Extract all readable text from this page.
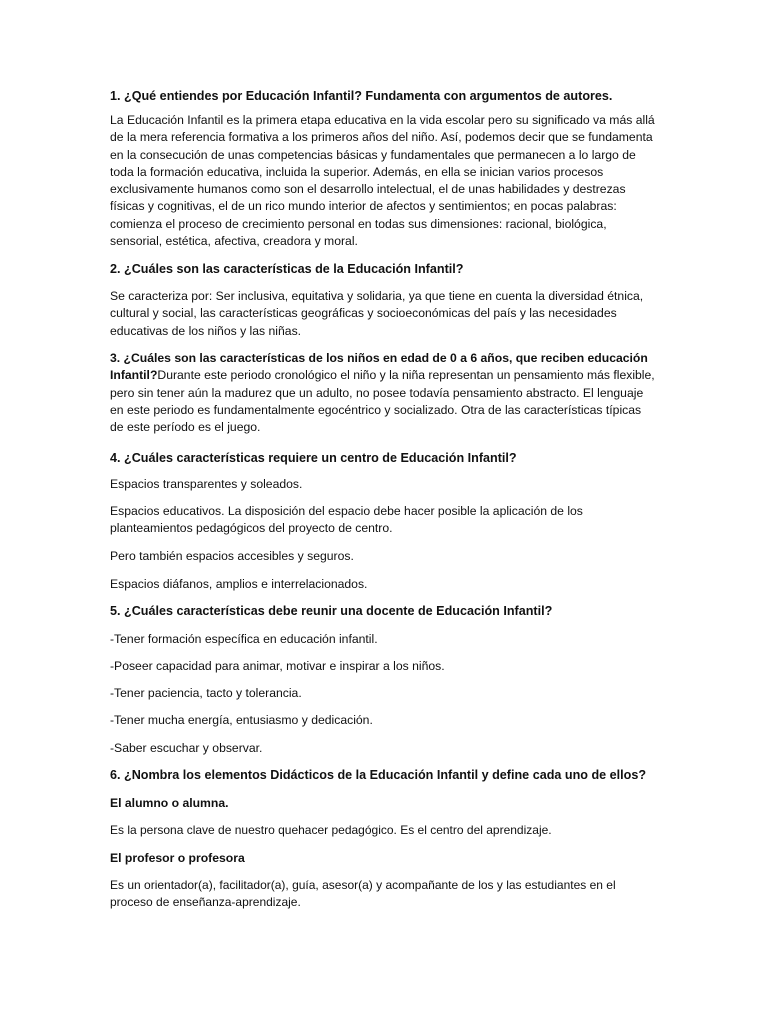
1. ¿Qué entiendes por Educación Infantil? Fundamenta con argumentos de autores.

La Educación Infantil es la primera etapa educativa en la vida escolar pero su significado va más allá de la mera referencia formativa a los primeros años del niño. Así, podemos decir que se fundamenta en la consecución de unas competencias básicas y fundamentales que permanecen a lo largo de toda la formación educativa, incluida la superior. Además, en ella se inician varios procesos exclusivamente humanos como son el desarrollo intelectual, el de unas habilidades y destrezas físicas y cognitivas, el de un rico mundo interior de afectos y sentimientos; en pocas palabras: comienza el proceso de crecimiento personal en todas sus dimensiones: racional, biológica, sensorial, estética, afectiva, creadora y moral.

2. ¿Cuáles son las características de la Educación Infantil?

Se caracteriza por: Ser inclusiva, equitativa y solidaria, ya que tiene en cuenta la diversidad étnica, cultural y social, las características geográficas y socioeconómicas del país y las necesidades educativas de los niños y las niñas.

3. ¿Cuáles son las características de los niños en edad de 0 a 6 años, que reciben educación Infantil?Durante este periodo cronológico el niño y la niña representan un pensamiento más flexible, pero sin tener aún la madurez que un adulto, no posee todavía pensamiento abstracto. El lenguaje en este periodo es fundamentalmente egocéntrico y socializado. Otra de las características típicas de este período es el juego.

4. ¿Cuáles características requiere un centro de Educación Infantil?

Espacios transparentes y soleados.

Espacios educativos. La disposición del espacio debe hacer posible la aplicación de los planteamientos pedagógicos del proyecto de centro.

Pero también espacios accesibles y seguros.

Espacios diáfanos, amplios e interrelacionados.

5. ¿Cuáles características debe reunir una docente de Educación Infantil?

-Tener formación específica en educación infantil.

-Poseer capacidad para animar, motivar e inspirar a los niños.

-Tener paciencia, tacto y tolerancia.

-Tener mucha energía, entusiasmo y dedicación.

-Saber escuchar y observar.

6. ¿Nombra los elementos Didácticos de la Educación Infantil y define cada uno de ellos?

El alumno o alumna.

Es la persona clave de nuestro quehacer pedagógico. Es el centro del aprendizaje.

El profesor o profesora

Es un orientador(a), facilitador(a), guía, asesor(a) y acompañante de los y las estudiantes en el proceso de enseñanza-aprendizaje.
